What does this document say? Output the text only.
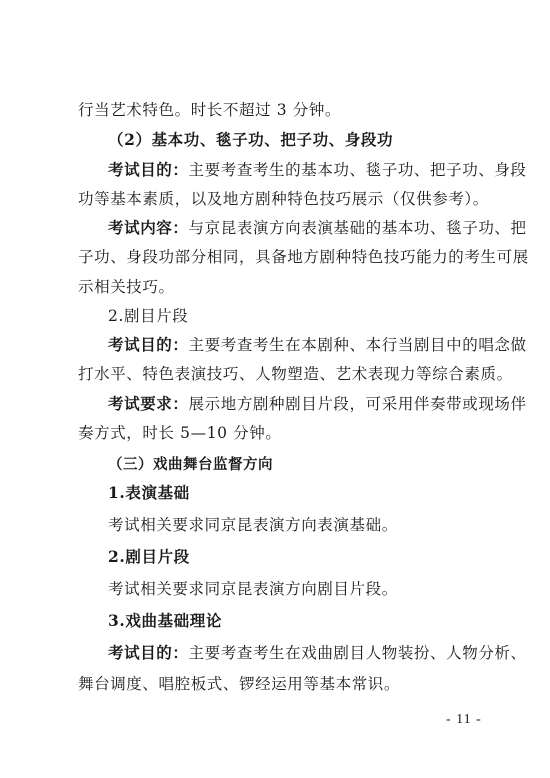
行当艺术特色。时长不超过 3 分钟。
（2）基本功、毯子功、把子功、身段功
考试目的：主要考查考生的基本功、毯子功、把子功、身段
功等基本素质，以及地方剧种特色技巧展示（仅供参考）。
考试内容：与京昆表演方向表演基础的基本功、毯子功、把
子功、身段功部分相同，具备地方剧种特色技巧能力的考生可展
示相关技巧。
2.剧目片段
考试目的：主要考查考生在本剧种、本行当剧目中的唱念做
打水平、特色表演技巧、人物塑造、艺术表现力等综合素质。
考试要求：展示地方剧种剧目片段，可采用伴奏带或现场伴
奏方式，时长 5—10 分钟。
（三）戏曲舞台监督方向
1.表演基础
考试相关要求同京昆表演方向表演基础。
2.剧目片段
考试相关要求同京昆表演方向剧目片段。
3.戏曲基础理论
考试目的：主要考查考生在戏曲剧目人物装扮、人物分析、
舞台调度、唱腔板式、锣经运用等基本常识。
- 11 -
